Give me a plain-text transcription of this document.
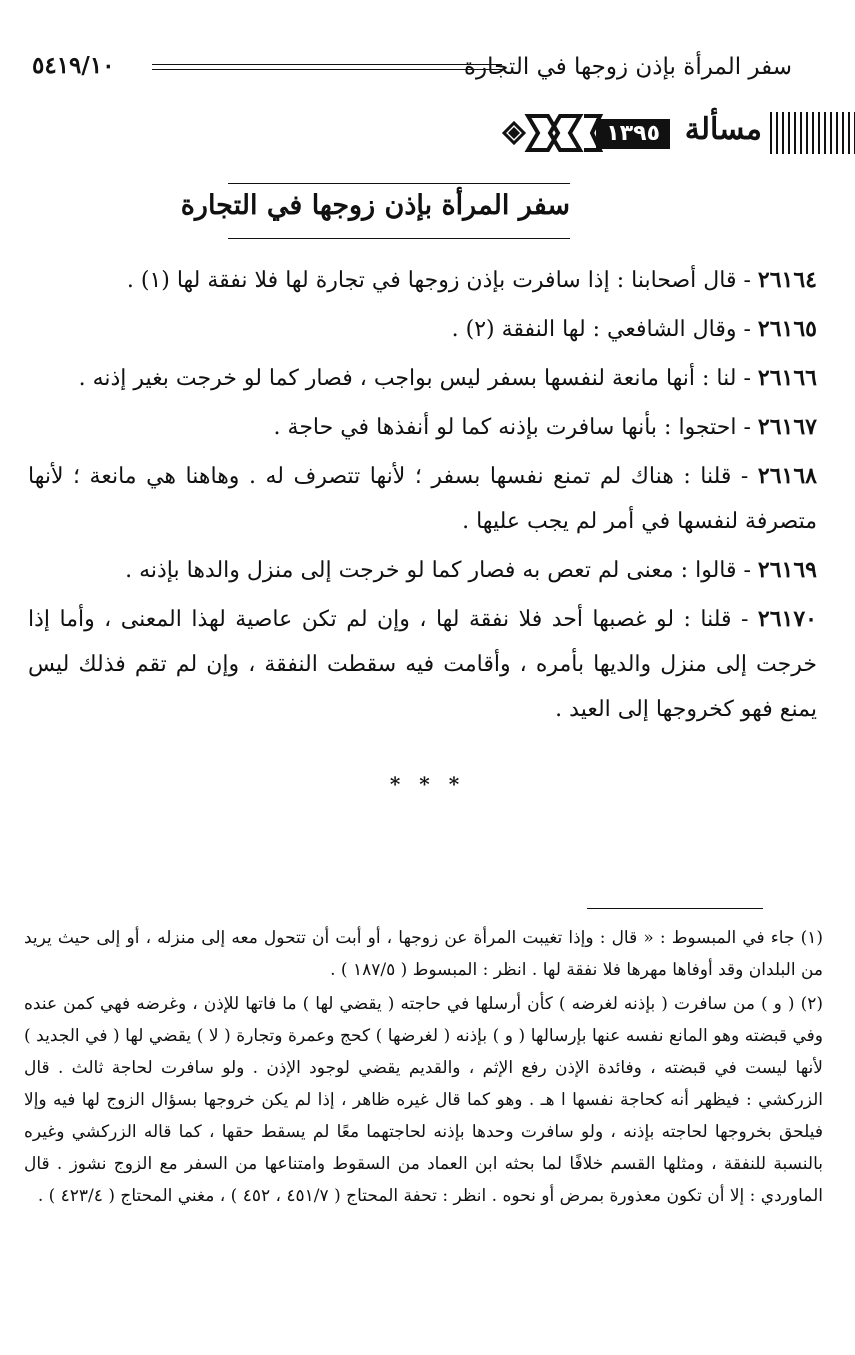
٥٤١٩/١٠	سفر المرأة بإذن زوجها في التجارة
مسألة
١٣٩٥
سفر المرأة بإذن زوجها في التجارة

٢٦١٦٤ - قال أصحابنا : إذا سافرت بإذن زوجها في تجارة لها فلا نفقة لها (١) .

٢٦١٦٥ - وقال الشافعي : لها النفقة (٢) .

٢٦١٦٦ - لنا : أنها مانعة لنفسها بسفر ليس بواجب ، فصار كما لو خرجت بغير إذنه .

٢٦١٦٧ - احتجوا : بأنها سافرت بإذنه كما لو أنفذها في حاجة .

٢٦١٦٨ - قلنا : هناك لم تمنع نفسها بسفر ؛ لأنها تتصرف له . وهاهنا هي مانعة ؛ لأنها متصرفة لنفسها في أمر لم يجب عليها .

٢٦١٦٩ - قالوا : معنى لم تعص به فصار كما لو خرجت إلى منزل والدها بإذنه .

٢٦١٧٠ - قلنا : لو غصبها أحد فلا نفقة لها ، وإن لم تكن عاصية لهذا المعنى ، وأما إذا خرجت إلى منزل والديها بأمره ، وأقامت فيه سقطت النفقة ، وإن لم تقم فذلك ليس يمنع فهو كخروجها إلى العيد .

* * *

(١) جاء في المبسوط : « قال : وإذا تغيبت المرأة عن زوجها ، أو أبت أن تتحول معه إلى منزله ، أو إلى حيث يريد من البلدان وقد أوفاها مهرها فلا نفقة لها . انظر : المبسوط ( ١٨٧/٥ ) .

(٢) ( و ) من سافرت ( بإذنه لغرضه ) كأن أرسلها في حاجته ( يقضي لها ) ما فاتها للإذن ، وغرضه فهي كمن عنده وفي قبضته وهو المانع نفسه عنها بإرسالها ( و ) بإذنه ( لغرضها ) كحج وعمرة وتجارة ( لا ) يقضي لها ( في الجديد ) لأنها ليست في قبضته ، وفائدة الإذن رفع الإثم ، والقديم يقضي لوجود الإذن . ولو سافرت لحاجة ثالث . قال الزركشي : فيظهر أنه كحاجة نفسها ا هـ . وهو كما قال غيره ظاهر ، إذا لم يكن خروجها بسؤال الزوج لها فيه وإلا فيلحق بخروجها لحاجته بإذنه ، ولو سافرت وحدها بإذنه لحاجتهما معًا لم يسقط حقها ، كما قاله الزركشي وغيره بالنسبة للنفقة ، ومثلها القسم خلافًا لما بحثه ابن العماد من السقوط وامتناعها من السفر مع الزوج نشوز . قال الماوردي : إلا أن تكون معذورة بمرض أو نحوه . انظر : تحفة المحتاج ( ٤٥١/٧ ، ٤٥٢ ) ، مغني المحتاج ( ٤٢٣/٤ ) .
